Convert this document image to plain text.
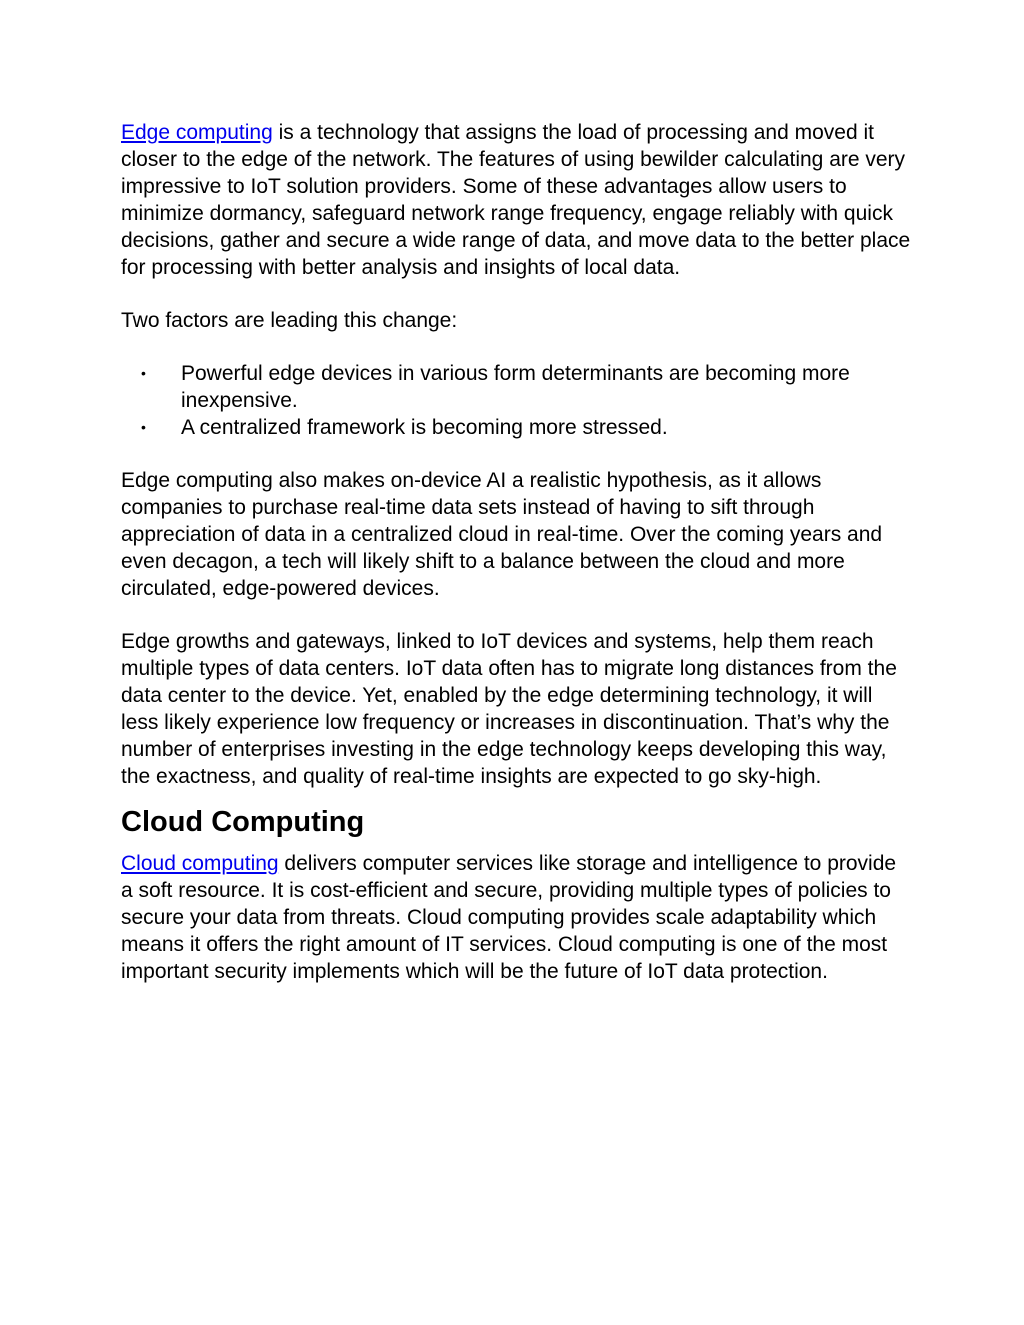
Edge computing is a technology that assigns the load of processing and moved it closer to the edge of the network. The features of using bewilder calculating are very impressive to IoT solution providers. Some of these advantages allow users to minimize dormancy, safeguard network range frequency, engage reliably with quick decisions, gather and secure a wide range of data, and move data to the better place for processing with better analysis and insights of local data.

Two factors are leading this change:

• Powerful edge devices in various form determinants are becoming more inexpensive.
• A centralized framework is becoming more stressed.

Edge computing also makes on-device AI a realistic hypothesis, as it allows companies to purchase real-time data sets instead of having to sift through appreciation of data in a centralized cloud in real-time. Over the coming years and even decagon, a tech will likely shift to a balance between the cloud and more circulated, edge-powered devices.

Edge growths and gateways, linked to IoT devices and systems, help them reach multiple types of data centers. IoT data often has to migrate long distances from the data center to the device. Yet, enabled by the edge determining technology, it will less likely experience low frequency or increases in discontinuation. That’s why the number of enterprises investing in the edge technology keeps developing this way, the exactness, and quality of real-time insights are expected to go sky-high.

Cloud Computing

Cloud computing delivers computer services like storage and intelligence to provide a soft resource. It is cost-efficient and secure, providing multiple types of policies to secure your data from threats. Cloud computing provides scale adaptability which means it offers the right amount of IT services. Cloud computing is one of the most important security implements which will be the future of IoT data protection.
